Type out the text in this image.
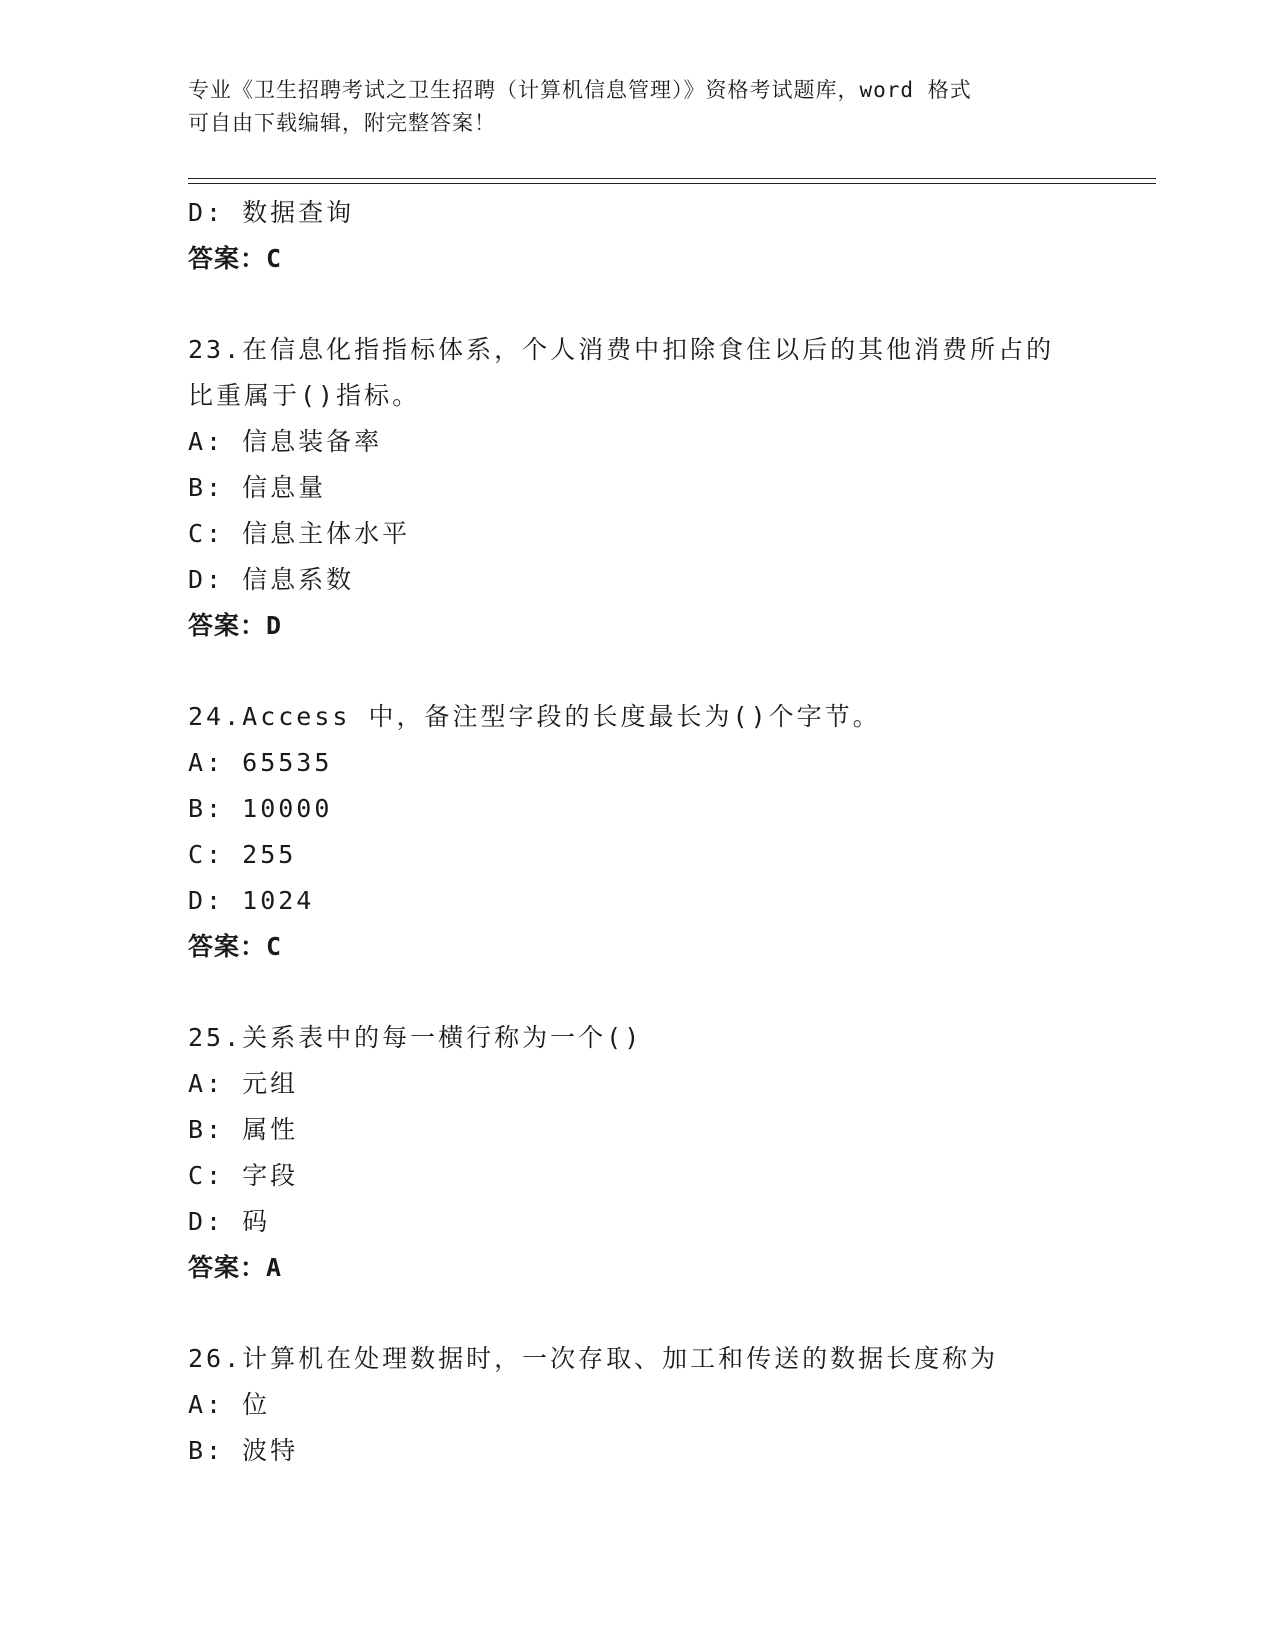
专业《卫生招聘考试之卫生招聘（计算机信息管理）》资格考试题库，word 格式
可自由下载编辑，附完整答案！
D: 数据查询
答案：C
23.在信息化指指标体系，个人消费中扣除食住以后的其他消费所占的
比重属于()指标。
A: 信息装备率
B: 信息量
C: 信息主体水平
D: 信息系数
答案：D
24.Access 中，备注型字段的长度最长为()个字节。
A: 65535
B: 10000
C: 255
D: 1024
答案：C
25.关系表中的每一横行称为一个()
A: 元组
B: 属性
C: 字段
D: 码
答案：A
26.计算机在处理数据时，一次存取、加工和传送的数据长度称为
A: 位
B: 波特
